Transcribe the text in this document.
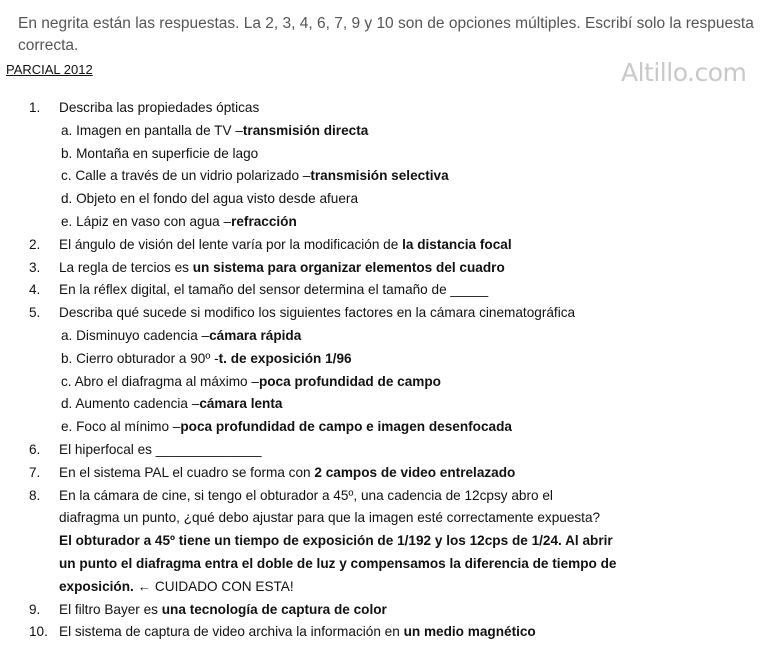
En negrita están las respuestas. La 2, 3, 4, 6, 7, 9 y 10 son de opciones múltiples. Escribí solo la respuesta correcta.
PARCIAL 2012	Altillo.com
1.	Describa las propiedades ópticas
a. Imagen en pantalla de TV –transmisión directa
b. Montaña en superficie de lago
c. Calle a través de un vidrio polarizado –transmisión selectiva
d. Objeto en el fondo del agua visto desde afuera
e. Lápiz en vaso con agua –refracción
2.	El ángulo de visión del lente varía por la modificación de la distancia focal
3.	La regla de tercios es un sistema para organizar elementos del cuadro
4.	En la réflex digital, el tamaño del sensor determina el tamaño de _____
5.	Describa qué sucede si modifico los siguientes factores en la cámara cinematográfica
a. Disminuyo cadencia –cámara rápida
b. Cierro obturador a 90º -t. de exposición 1/96
c. Abro el diafragma al máximo –poca profundidad de campo
d. Aumento cadencia –cámara lenta
e. Foco al mínimo –poca profundidad de campo e imagen desenfocada
6.	El hiperfocal es ______________
7.	En el sistema PAL el cuadro se forma con 2 campos de video entrelazado
8.	En la cámara de cine, si tengo el obturador a 45º, una cadencia de 12cpsy abro el
diafragma un punto, ¿qué debo ajustar para que la imagen esté correctamente expuesta?
El obturador a 45º tiene un tiempo de exposición de 1/192 y los 12cps de 1/24. Al abrir
un punto el diafragma entra el doble de luz y compensamos la diferencia de tiempo de
exposición. ← CUIDADO CON ESTA!
9.	El filtro Bayer es una tecnología de captura de color
10. El sistema de captura de video archiva la información en un medio magnético
